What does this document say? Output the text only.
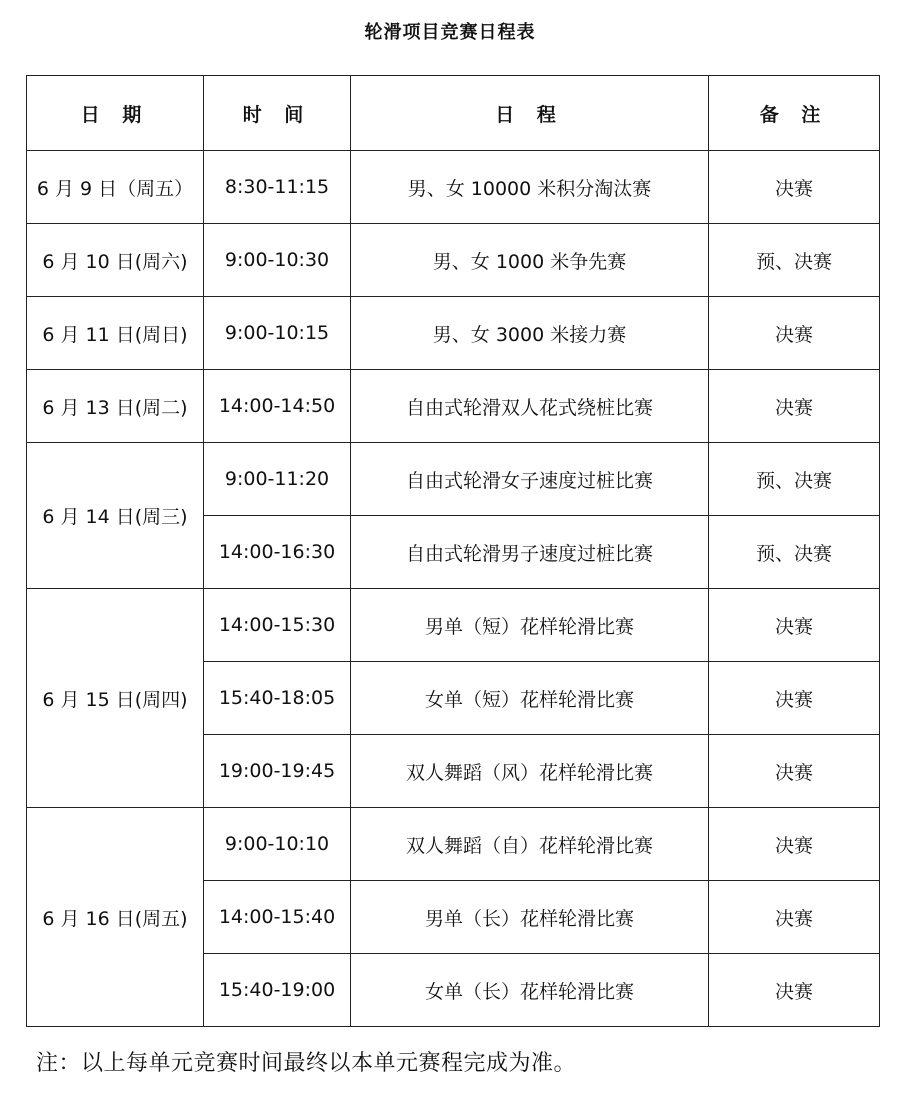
轮滑项目竞赛日程表
日 期	时 间	日 程	备 注
6 月 9 日（周五）	8:30-11:15	男、女 10000 米积分淘汰赛	决赛
6 月 10 日(周六)	9:00-10:30	男、女 1000 米争先赛	预、决赛
6 月 11 日(周日)	9:00-10:15	男、女 3000 米接力赛	决赛
6 月 13 日(周二)	14:00-14:50	自由式轮滑双人花式绕桩比赛	决赛
6 月 14 日(周三)	9:00-11:20	自由式轮滑女子速度过桩比赛	预、决赛
	14:00-16:30	自由式轮滑男子速度过桩比赛	预、决赛
6 月 15 日(周四)	14:00-15:30	男单（短）花样轮滑比赛	决赛
	15:40-18:05	女单（短）花样轮滑比赛	决赛
	19:00-19:45	双人舞蹈（风）花样轮滑比赛	决赛
6 月 16 日(周五)	9:00-10:10	双人舞蹈（自）花样轮滑比赛	决赛
	14:00-15:40	男单（长）花样轮滑比赛	决赛
	15:40-19:00	女单（长）花样轮滑比赛	决赛
注：以上每单元竞赛时间最终以本单元赛程完成为准。
